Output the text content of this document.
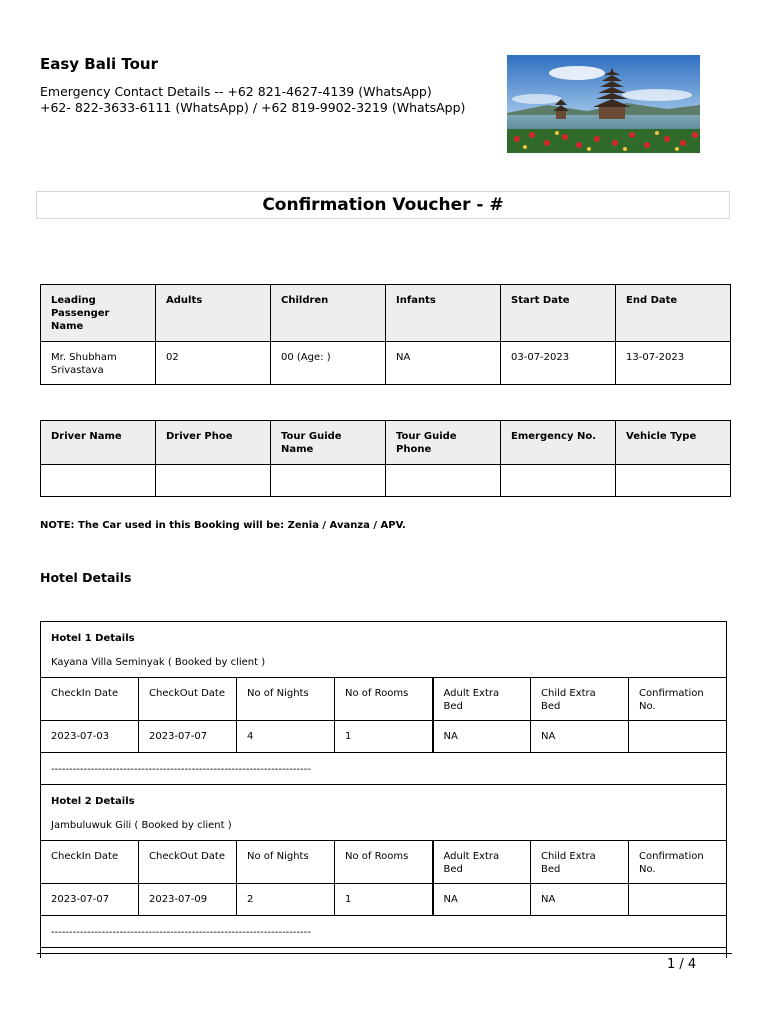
Easy Bali Tour
Emergency Contact Details -- +62 821-4627-4139 (WhatsApp)
+62- 822-3633-6111 (WhatsApp) / +62 819-9902-3219 (WhatsApp)
Confirmation Voucher - #
Leading Passenger Name	Adults	Children	Infants	Start Date	End Date
Mr. Shubham Srivastava	02	00 (Age: )	NA	03-07-2023	13-07-2023
Driver Name	Driver Phoe	Tour Guide Name	Tour Guide Phone	Emergency No.	Vehicle Type

NOTE: The Car used in this Booking will be: Zenia / Avanza / APV.
Hotel Details
Hotel 1 Details
Kayana Villa Seminyak ( Booked by client )						
CheckIn Date	CheckOut Date	No of Nights	No of Rooms	Adult Extra Bed	Child Extra Bed	Confirmation No.
2023-07-03	2023-07-07	4	1	NA	NA	
------------------------------------------------------------------------						

Hotel 2 Details
Jambuluwuk Gili ( Booked by client )						
CheckIn Date	CheckOut Date	No of Nights	No of Rooms	Adult Extra Bed	Child Extra Bed	Confirmation No.
2023-07-07	2023-07-09	2	1	NA	NA	
------------------------------------------------------------------------						

1 / 4
